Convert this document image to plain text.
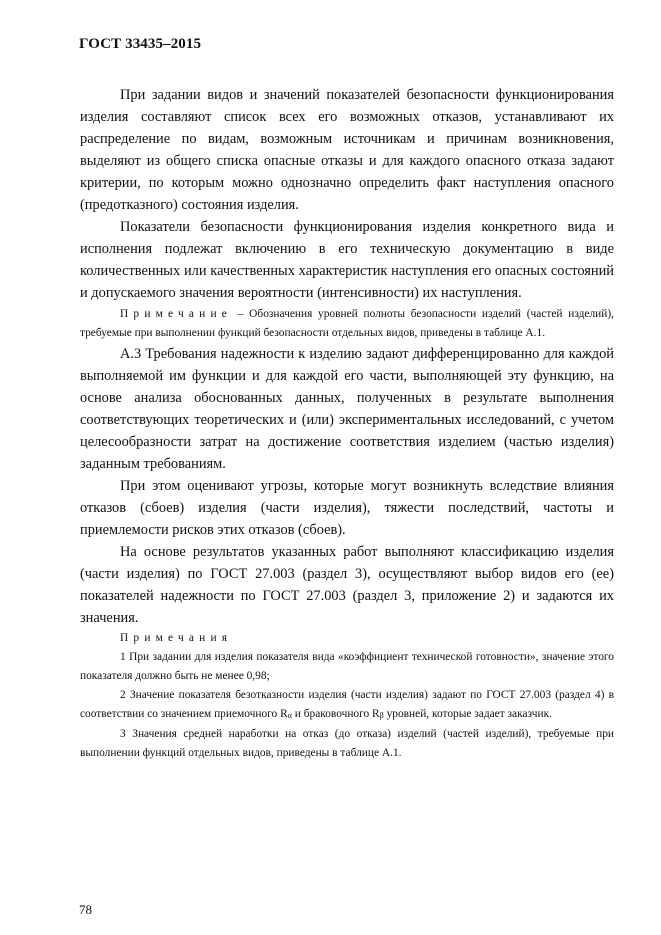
ГОСТ 33435–2015

При задании видов и значений показателей безопасности функционирования изделия составляют список всех его возможных отказов, устанавливают их распределение по видам, возможным источникам и причинам возникновения, выделяют из общего списка опасные отказы и для каждого опасного отказа задают критерии, по которым можно однозначно определить факт наступления опасного (предотказного) состояния изделия.

Показатели безопасности функционирования изделия конкретного вида и исполнения подлежат включению в его техническую документацию в виде количественных или качественных характеристик наступления его опасных состояний и допускаемого значения вероятности (интенсивности) их наступления.

Примечание – Обозначения уровней полноты безопасности изделий (частей изделий), требуемые при выполнении функций безопасности отдельных видов, приведены в таблице А.1.

А.3 Требования надежности к изделию задают дифференцированно для каждой выполняемой им функции и для каждой его части, выполняющей эту функцию, на основе анализа обоснованных данных, полученных в результате выполнения соответствующих теоретических и (или) экспериментальных исследований, с учетом целесообразности затрат на достижение соответствия изделием (частью изделия) заданным требованиям.

При этом оценивают угрозы, которые могут возникнуть вследствие влияния отказов (сбоев) изделия (части изделия), тяжести последствий, частоты и приемлемости рисков этих отказов (сбоев).

На основе результатов указанных работ выполняют классификацию изделия (части изделия) по ГОСТ 27.003 (раздел 3), осуществляют выбор видов его (ее) показателей надежности по ГОСТ 27.003 (раздел 3, приложение 2) и задаются их значения.

Примечания

1 При задании для изделия показателя вида «коэффициент технической готовности», значение этого показателя должно быть не менее 0,98;

2 Значение показателя безотказности изделия (части изделия) задают по ГОСТ 27.003 (раздел 4) в соответствии со значением приемочного $R_\alpha$ и браковочного $R_\beta$ уровней, которые задает заказчик.

3 Значения средней наработки на отказ (до отказа) изделий (частей изделий), требуемые при выполнении функций отдельных видов, приведены в таблице А.1.

78
